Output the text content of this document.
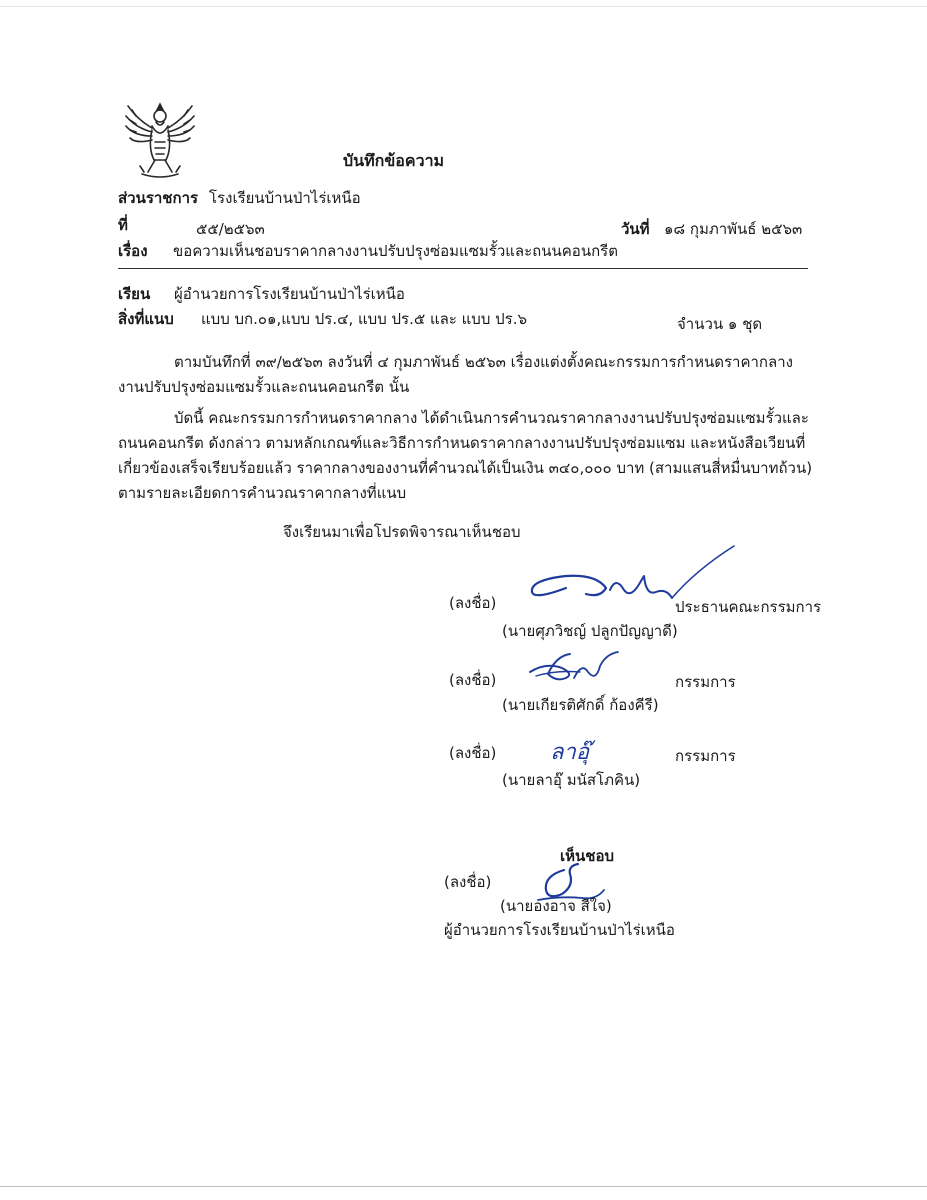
บันทึกข้อความ
ส่วนราชการ โรงเรียนบ้านป่าไร่เหนือ
ที่	๕๕/๒๕๖๓	วันที่ ๑๘ กุมภาพันธ์ ๒๕๖๓
เรื่อง ขอความเห็นชอบราคากลางงานปรับปรุงซ่อมแซมรั้วและถนนคอนกรีต
เรียน ผู้อำนวยการโรงเรียนบ้านป่าไร่เหนือ
สิ่งที่แนบ แบบ บก.๐๑,แบบ ปร.๔, แบบ ปร.๕ และ แบบ ปร.๖	จำนวน ๑ ชุด
ตามบันทึกที่ ๓๙/๒๕๖๓ ลงวันที่ ๔ กุมภาพันธ์ ๒๕๖๓ เรื่องแต่งตั้งคณะกรรมการกำหนดราคากลาง
งานปรับปรุงซ่อมแซมรั้วและถนนคอนกรีต นั้น
บัดนี้ คณะกรรมการกำหนดราคากลาง ได้ดำเนินการคำนวณราคากลางงานปรับปรุงซ่อมแซมรั้วและ
ถนนคอนกรีต ดังกล่าว ตามหลักเกณฑ์และวิธีการกำหนดราคากลางงานปรับปรุงซ่อมแซม และหนังสือเวียนที่
เกี่ยวข้องเสร็จเรียบร้อยแล้ว ราคากลางของงานที่คำนวณได้เป็นเงิน ๓๔๐,๐๐๐ บาท (สามแสนสี่หมื่นบาทถ้วน)
ตามรายละเอียดการคำนวณราคากลางที่แนบ
จึงเรียนมาเพื่อโปรดพิจารณาเห็นชอบ
(ลงชื่อ)	ประธานคณะกรรมการ
(นายศุภวิชญ์ ปลูกปัญญาดี)
(ลงชื่อ)	กรรมการ
(นายเกียรติศักดิ์ ก้องคีรี)
(ลงชื่อ) ลาอุ๊	กรรมการ
(นายลาอุ๊ มนัสโภคิน)
เห็นชอบ
(ลงชื่อ)
(นายองอาจ สีใจ)
ผู้อำนวยการโรงเรียนบ้านป่าไร่เหนือ
